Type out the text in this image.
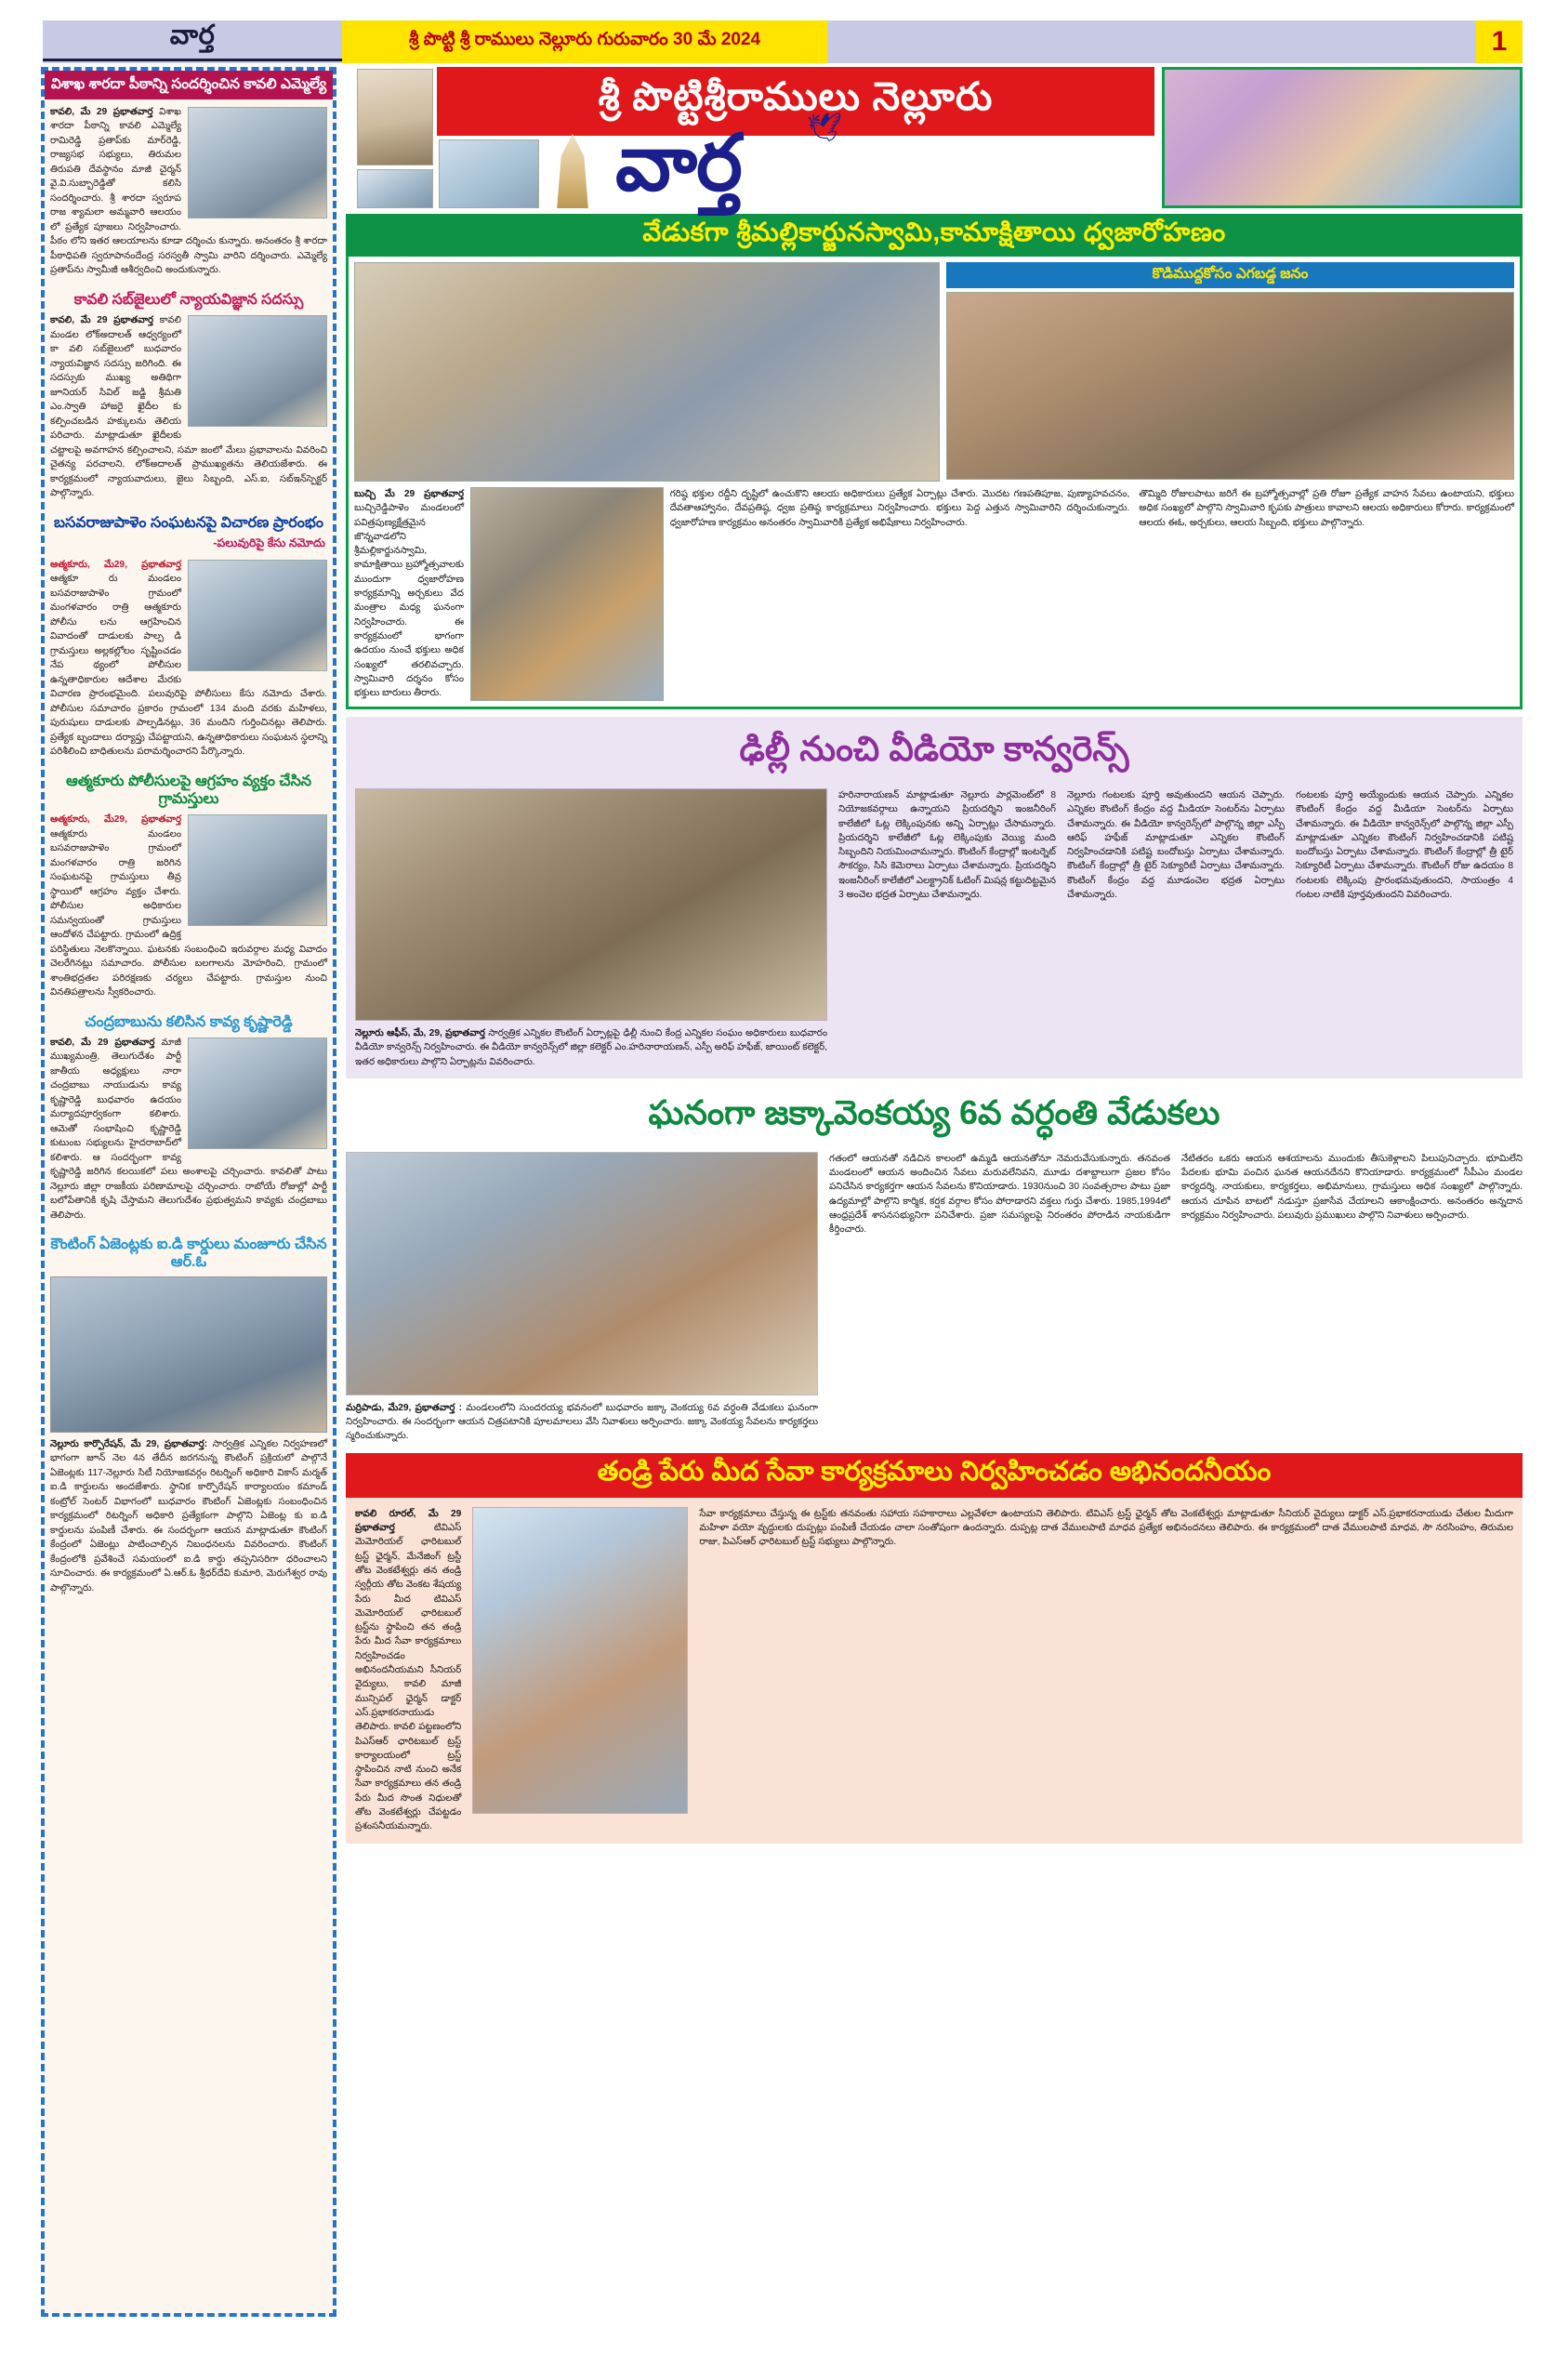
వార్త	శ్రీ పొట్టి శ్రీ రాములు నెల్లూరు గురువారం 30 మే 2024	1
విశాఖ శారదా పీఠాన్ని సందర్శించిన కావలి ఎమ్మెల్యే
కావలి, మే 29 ప్రభాతవార్త విశాఖ శారదా పీఠాన్ని కావలి ఎమ్మెల్యే రామిరెడ్డి ప్రతాప్‌కు మార్‌రెడ్డి, రాజ్యసభ సభ్యులు, తిరుమల తిరుపతి దేవస్థానం మాజీ చైర్మన్ వై.వి.సుబ్బారెడ్డితో కలిసి సందర్శించారు. శ్రీ శారదా స్వరూప రాజ శ్యామలా అమ్మవారి ఆలయం లో ప్రత్యేక పూజలు నిర్వహించారు. పీఠం లోని ఇతర ఆలయాలను కూడా దర్శించు కున్నారు. అనంతరం శ్రీ శారదా పీఠాధిపతి స్వరూపానందేంద్ర సరస్వతీ స్వామి వారిని దర్శించారు. ఎమ్మెల్యే ప్రతాప్‌ను స్వామీజీ ఆశీర్వదించి అందుకున్నారు.
కావలి సబ్‌జైలులో న్యాయవిజ్ఞాన సదస్సు
కావలి, మే 29 ప్రభాతవార్త కావలి మండల లోక్‌అదాలత్ ఆధ్వర్యంలో కా వలి సబ్‌జైలులో బుధవారం న్యాయవిజ్ఞాన సదస్సు జరిగింది. ఈ సదస్సుకు ముఖ్య అతిథిగా జూనియర్ సివిల్ జడ్జి శ్రీమతి ఎం.స్వాతి హాజరై ఖైదీల కు కల్పించబడిన హక్కులను తెలియ పరిచారు. మాట్లాడుతూ ఖైదీలకు చట్టాలపై అవగాహన కల్పించాలని, సమా జంలో మేలు ప్రభావాలను వివరించి చైతన్య పరచాలని, లోక్‌అదాలత్ ప్రాముఖ్యతను తెలియజేశారు. ఈ కార్యక్రమంలో న్యాయవాదులు, జైలు సిబ్బంది, ఎస్‌.ఐ, సబ్‌ఇన్‌స్పెక్టర్ పాల్గొన్నారు.
బసవరాజుపాళెం సంఘటనపై విచారణ ప్రారంభం
-పలువురిపై కేసు నమోదు
ఆత్మకూరు, మే29, ప్రభాతవార్త ఆత్మకూ రు మండలం బసవరాజుపాళెం గ్రామంలో మంగళవారం రాత్రి ఆత్మకూరు పోలీసు లను ఆగ్రహించిన వివాదంతో దాడులకు పాల్ప డి గ్రామస్తులు అల్లకల్లోలం సృష్టించడం నేప థ్యంలో పోలీసుల ఉన్నతాధికారుల ఆదేశాల మేరకు విచారణ ప్రారంభమైంది. పలువురిపై పోలీసులు కేసు నమోదు చేశారు. పోలీసుల సమాచారం ప్రకారం గ్రామంలో 134 మంది వరకు మహిళలు, పురుషులు దాడులకు పాల్పడినట్లు, 36 మందిని గుర్తించినట్లు తెలిపారు. ప్రత్యేక బృందాలు దర్యాప్తు చేపట్టాయని, ఉన్నతాధికారులు సంఘటన స్థలాన్ని పరిశీలించి బాధితులను పరామర్శించారని పేర్కొన్నారు.
ఆత్మకూరు పోలీసులపై ఆగ్రహం వ్యక్తం చేసిన గ్రామస్తులు
ఆత్మకూరు, మే29, ప్రభాతవార్త ఆత్మకూరు మండలం బసవరాజుపాళెం గ్రామంలో మంగళవారం రాత్రి జరిగిన సంఘటనపై గ్రామస్తులు తీవ్ర స్థాయిలో ఆగ్రహం వ్యక్తం చేశారు. పోలీసుల అధికారుల సమన్వయంతో గ్రామస్తులు ఆందోళన చేపట్టారు. గ్రామంలో ఉద్రిక్త పరిస్థితులు నెలకొన్నాయి. ఘటనకు సంబంధించి ఇరువర్గాల మధ్య వివాదం చెలరేగినట్లు సమాచారం. పోలీసుల బలగాలను మోహరించి, గ్రామంలో శాంతిభద్రతల పరిరక్షణకు చర్యలు చేపట్టారు. గ్రామస్తుల నుంచి వినతిపత్రాలను స్వీకరించారు.
చంద్రబాబును కలిసిన కావ్య కృష్ణారెడ్డి
కావలి, మే 29 ప్రభాతవార్త మాజీ ముఖ్యమంత్రి, తెలుగుదేశం పార్టీ జాతీయ అధ్యక్షులు నారా చంద్రబాబు నాయుడును కావ్య కృష్ణారెడ్డి బుధవారం ఉదయం మర్యాదపూర్వకంగా కలిశారు. ఆమెతో సంభాషించి కృష్ణారెడ్డి కుటుంబ సభ్యులను హైదరాబాద్‌లో కలిశారు. ఆ సందర్భంగా కావ్య కృష్ణారెడ్డి జరిగిన కలయికలో పలు అంశాలపై చర్చించారు. కావలితో పాటు నెల్లూరు జిల్లా రాజకీయ పరిణామాలపై చర్చించారు. రాబోయే రోజుల్లో పార్టీ బలోపేతానికి కృషి చేస్తామని తెలుగుదేశం ప్రభుత్వమని కావ్యకు చంద్రబాబు తెలిపారు.
కౌంటింగ్ ఏజెంట్లకు ఐ.డి కార్డులు మంజూరు చేసిన ఆర్‌.ఓ
నెల్లూరు కార్పొరేషన్, మే 29, ప్రభాతవార్త: సార్వత్రిక ఎన్నికల నిర్వహణలో భాగంగా జూన్ నెల 4న తేదీన జరగనున్న కౌంటింగ్ ప్రక్రియలో పాల్గొనే ఏజెంట్లకు 117-నెల్లూరు సిటీ నియోజకవర్గం రిటర్నింగ్ అధికారి వికాస్ మర్మత్ ఐ.డి కార్డులను అందజేశారు. స్థానిక కార్పొరేషన్ కార్యాలయం కమాండ్ కంట్రోల్ సెంటర్ విభాగంలో బుధవారం కౌంటింగ్ ఏజెంట్లకు సంబంధించిన కార్యక్రమంలో రిటర్నింగ్ అధికారి ప్రత్యేకంగా పాల్గొని ఏజెంట్ల కు ఐ.డి కార్డులను పంపిణీ చేశారు. ఈ సందర్భంగా ఆయన మాట్లాడుతూ కౌంటింగ్ కేంద్రంలో ఏజెంట్లు పాటించాల్సిన నిబంధనలను వివరించారు. కౌంటింగ్ కేంద్రంలోకి ప్రవేశించే సమయంలో ఐ.డి కార్డు తప్పనిసరిగా ధరించాలని సూచించారు. ఈ కార్యక్రమంలో ఏ.ఆర్.ఓ శ్రీధర్‌దేవి కుమారి, మెరుగేశ్వర రావు పాల్గొన్నారు.
శ్రీ పొట్టిశ్రీరాములు నెల్లూరు
🕊
వార్త
వేడుకగా శ్రీమల్లికార్జునస్వామి,కామాక్షితాయి ధ్వజారోహణం
కొడిముద్దకోసం ఎగబడ్డ జనం
బుచ్చి మే 29 ప్రభాతవార్త బుచ్చిరెడ్డిపాళెం మండలంలో పవిత్రపుణ్యక్షేత్రమైన జొన్నవాడలోని శ్రీమల్లికార్జునస్వామి, కామాక్షితాయి బ్రహ్మోత్సవాలకు ముందుగా ధ్వజారోహణ కార్యక్రమాన్ని అర్చకులు వేద మంత్రాల మధ్య ఘనంగా నిర్వహించారు. ఈ కార్యక్రమంలో భాగంగా ఉదయం నుంచే భక్తులు అధిక సంఖ్యలో తరలివచ్చారు. స్వామివారి దర్శనం కోసం భక్తులు బారులు తీరారు.
గరిష్ఠ భక్తుల రద్దీని దృష్టిలో ఉంచుకొని ఆలయ అధికారులు ప్రత్యేక ఏర్పాట్లు చేశారు. మొదట గణపతిపూజ, పుణ్యాహవచనం, దేవతాఆహ్వానం, దేవప్రతిష్ఠ, ధ్వజ ప్రతిష్ఠ కార్యక్రమాలు నిర్వహించారు. భక్తులు పెద్ద ఎత్తున స్వామివారిని దర్శించుకున్నారు. ధ్వజారోహణ కార్యక్రమం అనంతరం స్వామివారికి ప్రత్యేక అభిషేకాలు నిర్వహించారు.
తొమ్మిది రోజులపాటు జరిగే ఈ బ్రహ్మోత్సవాల్లో ప్రతి రోజూ ప్రత్యేక వాహన సేవలు ఉంటాయని, భక్తులు అధిక సంఖ్యలో పాల్గొని స్వామివారి కృపకు పాత్రులు కావాలని ఆలయ అధికారులు కోరారు. కార్యక్రమంలో ఆలయ ఈఓ, అర్చకులు, ఆలయ సిబ్బంది, భక్తులు పాల్గొన్నారు.
ఢిల్లీ నుంచి వీడియో కాన్వరెన్స్
నెల్లూరు ఆఫీస్, మే, 29, ప్రభాతవార్త సార్వత్రిక ఎన్నికల కౌంటింగ్ ఏర్పాట్లపై ఢిల్లీ నుంచి కేంద్ర ఎన్నికల సంఘం అధికారులు బుధవారం వీడియో కాన్వరెన్స్ నిర్వహించారు. ఈ వీడియో కాన్వరెన్స్‌లో జిల్లా కలెక్టర్ ఎం.హరినారాయణన్, ఎస్పీ అరిఫ్ హఫీజ్, జాయింట్ కలెక్టర్, ఇతర అధికారులు పాల్గొని ఏర్పాట్లను వివరించారు.
హరినారాయణన్ మాట్లాడుతూ నెల్లూరు పార్లమెంట్‌లో 8 నియోజకవర్గాలు ఉన్నాయని ప్రియదర్శిని ఇంజనీరింగ్ కాలేజీలో ఓట్ల లెక్కింపునకు అన్ని ఏర్పాట్లు చేసామన్నారు. ప్రియదర్శిని కాలేజీలో ఓట్ల లెక్కింపుకు వెయ్యి మంది సిబ్బందిని నియమించామన్నారు. కౌంటింగ్ కేంద్రాల్లో ఇంటర్నెట్ సౌకర్యం, సిసి కెమెరాలు ఏర్పాటు చేశామన్నారు. ప్రియదర్శిని ఇంజనీరింగ్ కాలేజీలో ఎలక్ట్రానిక్ ఓటింగ్ మిషన్ల కట్టుదిట్టమైన 3 అంచెల భద్రత ఏర్పాటు చేశామన్నారు.
నెల్లూరు గంటలకు పూర్తి అవుతుందని ఆయన చెప్పారు. ఎన్నికల కౌంటింగ్ కేంద్రం వద్ద మీడియా సెంటర్‌ను ఏర్పాటు చేశామన్నారు. ఈ వీడియో కాన్వరెన్స్‌లో పాల్గొన్న జిల్లా ఎస్పీ ఆరిఫ్ హఫీజ్ మాట్లాడుతూ ఎన్నికల కౌంటింగ్ నిర్వహించడానికి పటిష్ట బందోబస్తు ఏర్పాటు చేశామన్నారు. కౌంటింగ్ కేంద్రాల్లో త్రీ టైర్ సెక్యూరిటీ ఏర్పాటు చేశామన్నారు. కౌంటింగ్ కేంద్రం వద్ద మూడంచెల భద్రత ఏర్పాటు చేశామన్నారు.
గంటలకు పూర్తి అయ్యేందుకు ఆయన చెప్పారు. ఎన్నికల కౌంటింగ్ కేంద్రం వద్ద మీడియా సెంటర్‌ను ఏర్పాటు చేశామన్నారు. ఈ వీడియో కాన్వరెన్స్‌లో పాల్గొన్న జిల్లా ఎస్పీ మాట్లాడుతూ ఎన్నికల కౌంటింగ్ నిర్వహించడానికి పటిష్ట బందోబస్తు ఏర్పాటు చేశామన్నారు. కౌంటింగ్ కేంద్రాల్లో త్రీ టైర్ సెక్యూరిటీ ఏర్పాటు చేశామన్నారు. కౌంటింగ్ రోజు ఉదయం 8 గంటలకు లెక్కింపు ప్రారంభమవుతుందని, సాయంత్రం 4 గంటల నాటికి పూర్తవుతుందని వివరించారు.
ఘనంగా జక్కావెంకయ్య 6వ వర్ధంతి వేడుకలు
మర్రిపాడు, మే29, ప్రభాతవార్త : మండలంలోని సుందరయ్య భవనంలో బుధవారం జక్కా వెంకయ్య 6వ వర్ధంతి వేడుకలు ఘనంగా నిర్వహించారు. ఈ సందర్భంగా ఆయన చిత్రపటానికి పూలమాలలు వేసి నివాళులు అర్పించారు. జక్కా వెంకయ్య సేవలను కార్యకర్తలు స్మరించుకున్నారు.
గతంలో ఆయనతో నడిచిన కాలంలో ఉమ్మడి ఆయనతోనూ నెమరువేసుకున్నారు. తనవంత మండలంలో ఆయన అందించిన సేవలు మరువలేనివని, మూడు దశాబ్దాలుగా ప్రజల కోసం పనిచేసిన కార్యకర్తగా ఆయన సేవలను కొనియాడారు. 1930నుంచి 30 సంవత్సరాల పాటు ప్రజా ఉద్యమాల్లో పాల్గొని కార్మిక, కర్షక వర్గాల కోసం పోరాడారని వక్తలు గుర్తు చేశారు. 1985,1994లో ఆంధ్రప్రదేశ్ శాసనసభ్యునిగా పనిచేశారు. ప్రజా సమస్యలపై నిరంతరం పోరాడిన నాయకుడిగా కీర్తించారు.
నేటితరం ఒకరు ఆయన ఆశయాలను ముందుకు తీసుకెళ్లాలని పిలుపునిచ్చారు. భూమిలేని పేదలకు భూమి పంచిన ఘనత ఆయనదేనని కొనియాడారు. కార్యక్రమంలో సీపీఎం మండల కార్యదర్శి, నాయకులు, కార్యకర్తలు, అభిమానులు, గ్రామస్తులు అధిక సంఖ్యలో పాల్గొన్నారు. ఆయన చూపిన బాటలో నడుస్తూ ప్రజాసేవ చేయాలని ఆకాంక్షించారు. అనంతరం అన్నదాన కార్యక్రమం నిర్వహించారు. పలువురు ప్రముఖులు పాల్గొని నివాళులు అర్పించారు.
తండ్రి పేరు మీద సేవా కార్యక్రమాలు నిర్వహించడం అభినందనీయం
కావలి రూరల్, మే 29 ప్రభాతవార్త	టివిఎస్ మెమోరియల్ ఛారిటబుల్ ట్రస్ట్ ఛైర్మన్, మేనేజింగ్ ట్రస్టీ తోట వెంకటేశ్వర్లు తన తండ్రి స్వర్గీయ తోట వెంకట శేషయ్య పేరు మీద టివిఎస్ మెమోరియల్ ఛారిటబుల్ ట్రస్ట్‌ను స్థాపించి తన తండ్రి పేరు మీద సేవా కార్యక్రమాలు నిర్వహించడం అభినందనీయమని సీనియర్ వైద్యులు, కావలి మాజీ మున్సిపల్ ఛైర్మన్ డాక్టర్ ఎస్.ప్రభాకరనాయుడు తెలిపారు. కావలి పట్టణంలోని పిఎస్‌ఆర్ ఛారిటబుల్ ట్రస్ట్ కార్యాలయంలో ట్రస్ట్ స్థాపించిన నాటి నుంచి అనేక సేవా కార్యక్రమాలు తన తండ్రి పేరు మీద సొంత నిధులతో తోట వెంకటేశ్వర్లు చేపట్టడం ప్రశంసనీయమన్నారు.
సేవా కార్యక్రమాలు చేస్తున్న ఈ ట్రస్ట్‌కు తనవంతు సహాయ సహకారాలు ఎల్లవేళలా ఉంటాయని తెలిపారు. టివిఎస్ ట్రస్ట్ ఛైర్మన్ తోట వెంకటేశ్వర్లు మాట్లాడుతూ సీనియర్ వైద్యులు డాక్టర్ ఎస్.ప్రభాకరనాయుడు చేతుల మీదుగా మహిళా వయో వృద్ధులకు దుప్పట్లు పంపిణీ చేయడం చాలా సంతోషంగా ఉందన్నారు. దుప్పట్ల దాత వేములపాటి మాధవ ప్రత్యేక అభినందనలు తెలిపారు. ఈ కార్యక్రమంలో దాత వేములపాటి మాధవ, సౌ నరసింహం, తిరుమల రాజు, పిఎస్‌ఆర్ ఛారిటబుల్ ట్రస్ట్ సభ్యులు పాల్గొన్నారు.
